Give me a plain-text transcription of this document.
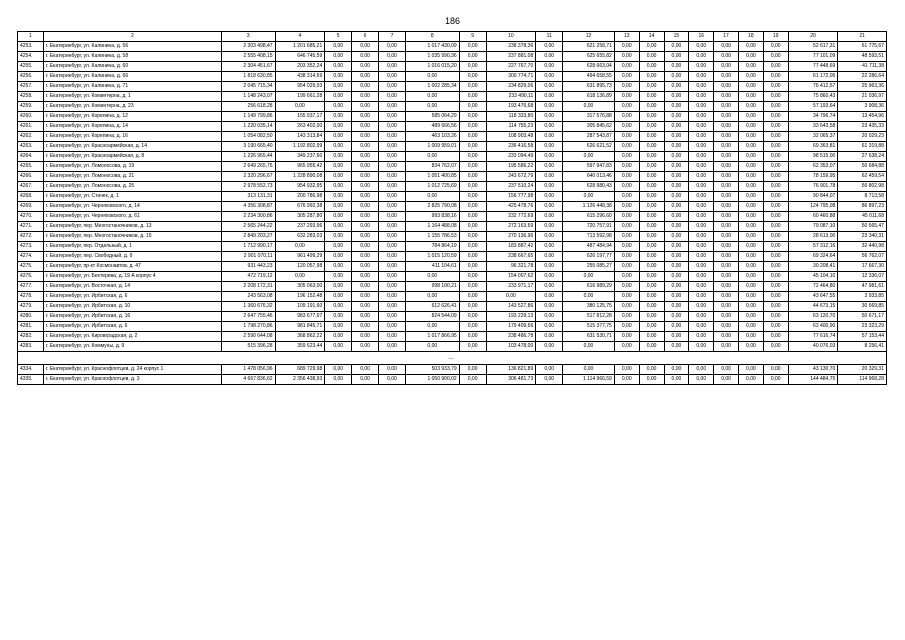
186
1	2	3	4	5	6	7	8	9	10	11	12	13	14	15	16	17	18	19	20	21
4253.	г. Екатеринбург, ул. Калинина, д. 56	2 303 498,47	1 201 685,21	0,00	0,00	0,00	1 017 430,09	0,00	238 378,36	0,00	621 258,71	0,00	0,00	0,00	0,00	0,00	0,00	0,00	52 617,31	61 775,67
4254.	г. Екатеринбург, ул. Калинина, д. 58	2 555 408,15	646 745,59	0,00	0,00	0,00	1 035 990,36	0,00	237 881,08	0,00	625 655,82	0,00	0,00	0,00	0,00	0,00	0,00	0,00	77 101,09	48 593,51
4255.	г. Екатеринбург, ул. Калинина, д. 60	2 304 451,67	203 352,24	0,00	0,00	0,00	1 016 015,20	0,00	227 767,70	0,00	628 663,04	0,00	0,00	0,00	0,00	0,00	0,00	0,00	77 448,69	41 711,38
4256.	г. Екатеринбург, ул. Калинина, д. 66	1 818 630,85	438 314,69	0,00	0,00	0,00	0,00	0,00	300 774,71	0,00	494 658,55	0,00	0,00	0,00	0,00	0,00	0,00	0,00	61 172,05	22 286,64
4257.	г. Екатеринбург, ул. Калинина, д. 71	2 045 715,34	954 029,03	0,00	0,00	0,00	1 002 285,34	0,00	234 829,06	0,00	631 895,73	0,00	0,00	0,00	0,00	0,00	0,00	0,00	76 412,57	25 963,36
4258.	г. Екатеринбург, ул. Коминтерна, д. 1	1 148 243,07	199 661,28	0,00	0,00	0,00	0,00	0,00	233 490,11	0,00	618 136,89	0,00	0,00	0,00	0,00	0,00	0,00	0,00	75 860,43	21 036,97
4259.	г. Екатеринбург, ул. Коминтерна, д. 23	256 618,28	0,00	0,00	0,00	0,00	0,00	0,00	193 476,68	0,00	0,00	0,00	0,00	0,00	0,00	0,00	0,00	0,00	57 193,64	3 908,36
4260.	г. Екатеринбург, ул. Корепина, д. 12	1 149 799,86	155 937,17	0,00	0,00	0,00	585 064,29	0,00	118 333,80	0,00	317 576,88	0,00	0,00	0,00	0,00	0,00	0,00	0,00	34 796,74	13 454,96
4261.	г. Екатеринбург, ул. Корепина, д. 14	1 220 035,14	263 402,00	0,00	0,00	0,00	489 666,56	0,00	114 755,23	0,00	305 845,62	0,00	0,00	0,00	0,00	0,00	0,00	0,00	33 643,58	23 435,33
4262.	г. Екатеринбург, ул. Корепина, д. 16	1 054 082,50	143 313,84	0,00	0,00	0,00	463 103,26	0,00	108 903,48	0,00	287 543,87	0,00	0,00	0,00	0,00	0,00	0,00	0,00	32 065,37	20 029,23
4263.	г. Екатеринбург, ул. Красноармейская, д. 14	3 190 665,40	1 192 802,99	0,00	0,00	0,00	1 009 959,01	0,00	236 416,58	0,00	626 621,52	0,00	0,00	0,00	0,00	0,00	0,00	0,00	69 363,81	61 319,88
4264.	г. Екатеринбург, ул. Красноармейская, д. 8	1 226 965,44	349 237,60	0,00	0,00	0,00	0,00	0,00	233 094,49	0,00	0,00	0,00	0,00	0,00	0,00	0,00	0,00	0,00	98 515,00	27 638,24
4265.	г. Екатеринбург, ул. Ломоносова, д. 19	2 649 265,75	965 955,42	0,00	0,00	0,00	834 762,07	0,00	195 586,22	0,00	597 947,83	0,00	0,00	0,00	0,00	0,00	0,00	0,00	62 353,07	50 684,88
4266.	г. Екатеринбург, ул. Ломоносова, д. 21	2 320 296,67	1 228 890,08	0,00	0,00	0,00	1 051 400,85	0,00	243 672,79	0,00	640 013,46	0,00	0,00	0,00	0,00	0,00	0,00	0,00	78 159,95	62 459,54
4267.	г. Екатеринбург, ул. Ломоносова, д. 25	2 978 552,73	954 932,95	0,00	0,00	0,00	1 012 725,69	0,00	237 510,24	0,00	628 980,43	0,00	0,00	0,00	0,00	0,00	0,00	0,00	76 901,78	56 802,98
4268.	г. Екатеринбург, ул. Стачек, д. 1	313 131,31	200 786,98	0,00	0,00	0,00	0,00	0,00	156 777,98	0,00	0,00	0,00	0,00	0,00	0,00	0,00	0,00	0,00	90 844,07	8 713,58
4269.	г. Екатеринбург, ул. Черняховского, д. 14	4 356 308,87	676 992,38	0,00	0,00	0,00	2 825 790,08	0,00	425 478,76	0,00	1 126 448,38	0,00	0,00	0,00	0,00	0,00	0,00	0,00	124 795,08	86 897,23
4270.	г. Екатеринбург, ул. Черняховского, д. 61	2 234 300,86	305 287,80	0,00	0,00	0,00	993 838,16	0,00	232 772,69	0,00	615 296,60	0,00	0,00	0,00	0,00	0,00	0,00	0,00	60 460,88	45 011,68
4271.	г. Екатеринбург, пер. Многостаночников, д. 13	2 565 244,22	237 293,96	0,00	0,00	0,00	1 164 488,08	0,00	272 163,69	0,00	720 757,91	0,00	0,00	0,00	0,00	0,00	0,00	0,00	79 087,10	50 565,47
4272.	г. Екатеринбург, пер. Многостаночников, д. 15	2 849 203,27	632 283,03	0,00	0,00	0,00	1 155 786,53	0,00	270 136,96	0,00	713 592,98	0,00	0,00	0,00	0,00	0,00	0,00	0,00	28 613,00	23 340,31
4273.	г. Екатеринбург, пер. Отдельный, д. 1	1 712 990,17	0,00	0,00	0,00	0,00	784 864,19	0,00	183 887,42	0,00	487 484,94	0,00	0,00	0,00	0,00	0,00	0,00	0,00	57 312,16	32 440,98
4274.	г. Екатеринбург, пер. Свободный, д. 9	2 901 070,11	961 499,29	0,00	0,00	0,00	1 015 120,59	0,00	238 667,65	0,00	626 197,77	0,00	0,00	0,00	0,00	0,00	0,00	0,00	69 324,64	56 762,07
4275.	г. Екатеринбург, пр-кт Космонавтов, д. 47	931 443,23	120 057,98	0,00	0,00	0,00	411 104,61	0,00	96 321,78	0,00	255 085,27	0,00	0,00	0,00	0,00	0,00	0,00	0,00	30 208,41	17 667,30
4276.	г. Екатеринбург, ул. Бехтерева, д. 19 А корпус 4	472 719,12	0,00	0,00	0,00	0,00	0,00	0,00	154 007,62	0,00	0,00	0,00	0,00	0,00	0,00	0,00	0,00	0,00	45 104,10	12 336,07
4277.	г. Екатеринбург, ул. Восточная, д. 14	2 208 172,31	305 063,00	0,00	0,00	0,00	998 100,21	0,00	233 971,17	0,00	616 989,29	0,00	0,00	0,00	0,00	0,00	0,00	0,00	72 464,80	47 981,61
4278.	г. Екатеринбург, ул. Ирбитская, д. 6	243 563,08	196 152,48	0,00	0,00	0,00	0,00	0,00	0,00	0,00	0,00	0,00	0,00	0,00	0,00	0,00	0,00	0,00	43 647,55	3 933,85
4279.	г. Екатеринбург, ул. Ирбитская, д. 10	1 360 676,32	109 191,60	0,00	0,00	0,00	612 626,41	0,00	143 527,86	0,00	380 125,75	0,00	0,00	0,00	0,00	0,00	0,00	0,00	44 673,15	30 569,85
4280.	г. Екатеринбург, ул. Ирбитская, д. 16	2 647 755,46	983 677,97	0,00	0,00	0,00	824 544,09	0,00	193 229,13	0,00	517 812,28	0,00	0,00	0,00	0,00	0,00	0,00	0,00	63 120,70	50 671,17
4281.	г. Екатеринбург, ул. Ирбитская, д. 6	1 798 270,86	981 845,71	0,00	0,00	0,00	0,00	0,00	179 409,66	0,00	515 377,75	0,00	0,00	0,00	0,00	0,00	0,00	0,00	63 400,90	23 323,29
4282.	г. Екатеринбург, ул. Кировградская, д. 2	2 590 644,08	368 862,22	0,00	0,00	0,00	1 017 866,95	0,00	238 486,78	0,00	631 530,71	0,00	0,00	0,00	0,00	0,00	0,00	0,00	77 616,74	57 153,44
4283.	г. Екатеринбург, ул. Коммуны, д. 9	515 396,28	359 623,44	0,00	0,00	0,00	0,00	0,00	103 478,00	0,00	0,00	0,00	0,00	0,00	0,00	0,00	0,00	0,00	40 076,03	8 256,41
…																				
4334.	г. Екатеринбург, ул. Краснофлотцев, д. 24 корпус 1	1 478 056,96	689 729,98	0,00	0,00	0,00	503 933,79	0,00	136 821,89	0,00	0,00	0,00	0,00	0,00	0,00	0,00	0,00	0,00	43 130,70	20 329,31
4335.	г. Екатеринбург, ул. Краснофлотцев, д. 3	4 667 836,62	2 356 438,93	0,00	0,00	0,00	1 050 900,02	0,00	306 481,73	0,00	1 114 966,59	0,00	0,00	0,00	0,00	0,00	0,00	0,00	144 484,75	114 968,28
